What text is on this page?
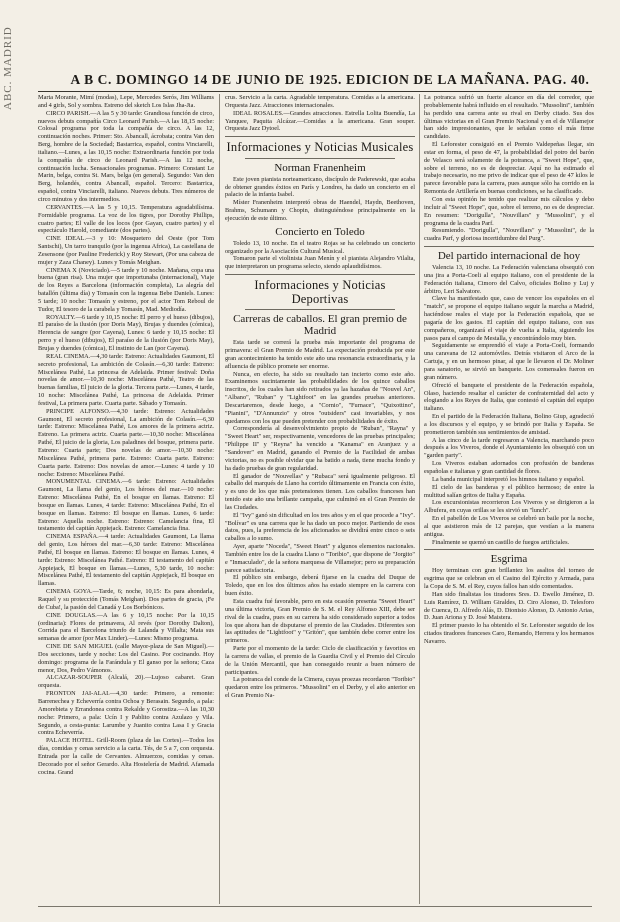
ABC. MADRID	A B C. DOMINGO 14 DE JUNIO DE 1925. EDICION DE LA MAÑANA. PAG. 40.

Marta Morante, Mimí (modas), Lepe, Mercedes Serós, Jim Williams and 4 girls, Sol y sombra. Estreno del sketch Los Islas Jha-Jia.

CIRCO PARISH.—A las 5 y 30 tarde: Grandiosa función de circo, nuevos debuts compañía Circo Leonard Parish.—A las 18,15 noche: Colosal programa por toda la compañía de circo. A las 12, continuación noches. Primer: Sto. Abancall, ácrobata; contra Van den Berg, hombre de la Sociedad; Bastarrica, español, contra Vinciarelli, italiano.—Lunes, a las 10,15 noche: Extraordinaria función por toda la compañía de circo de Leonard Parish.—A las 12 noche, continuación lucha. Sensacionales programas. Primero: Constant Le Marin, belga, contra St. Mars, belga (en general). Segundo: Van den Berg, holandés, contra Abancall, español. Tercero: Bastarrica, español, contra Vinciarelli, italiano. Nuevos debuts. Tres números de circo minutos y dos intermedios.

CERVANTES.—A las 5 y 10,15. Temperatura agradabilísima. Formidable programa. La voz de los tigres, por Dorothy Phillips, cuatro partes; El valle de los locos (por Gayan, cuatro partes) y el espectáculo Harold, comediante (dos partes).

CINE IDEAL.—3 y 10: Mosquetero del Oeste (por Tom Santschi), Un tarro tranquilo (por la ingenua Africa), La castellana de Zesensone (por Pauline Frederick) y Roy Stewart, (Por una cabeza de mujer y Zaza Chaney). Lunes y Tomás Meighan.

CINEMA X (Noviciado).—5 tarde y 10 noche. Mañana, copa una buena (gran risa). Una mujer que importunaba (internacional), Viaje de los Reyes a Barcelona (información completa), La alegría del batallón (última día) y Tomasín con la ingenua Bebe Daniels. Lunes: 5 tarde; 10 noche: Tomasín y estreno, por el actor Tom Reboul de Tudor, El tesoro de la carabela y Tomasín, Mad. Mediodía.

ROYALTY.—6 tarde y 10,15 noche: El perro y el hueso (dibujos), El paraíso de la ilusión (por Doris May), Brujas y duendes (cómica), Herencia de sangre (por Cayena), Lunes: 6 tarde y 10,15 noche: El perro y el hueso (dibujos), El paraíso de la ilusión (por Doris May), Brujas y duendes (cómica), El instinto de Lan (por Cayena).

REAL CINEMA.—4,30 tarde: Estreno: Actualidades Gaumont, El secreto profesional, La ambición de Colasín.—6,30 tarde: Estreno: Miscelánea Pathé, La princesa de Adelaida. Primer festival: Doña novelas de amor.—10,30 noche: Miscelánea Pathé, Teatro de las buenas familias, El juicio de la gloria. Tercera parte.—Lunes, 4 tarde, 10 noche: Miscelánea Pathé, La princesa de Adelaida. Primer festival, La primera parte. Cuarta parte. Sábado y Tomasín.

PRINCIPE ALFONSO.—4,30 tarde: Estreno: Actualidades Gaumont, El secreto profesional, La ambición de Colasín.—6,30 tarde: Estreno: Miscelánea Pathé, Los amores de la primera actriz. Estreno. La primera actriz. Cuarta parte.—10,30 noche: Miscelánea Pathé, El juicio de la gloria, Los paladines del bosque, primera parte. Estreno: Cuarta parte; Dos novelas de amor.—10,30 noche: Miscelánea Pathé, primera parte. Estreno: Cuarta parte. Estreno: Cuarta parte. Estreno: Dos novelas de amor.—Lunes: 4 tarde y 10 noche: Estreno: Miscelánea Pathé.

MONUMENTAL CINEMA.—6 tarde: Estreno: Actualidades Gaumont, La llama del genio, Los héroes del mar.—10 noche: Estreno: Miscelánea Pathé, En el bosque en llamas. Estreno: El bosque en llamas. Lunes, 4 tarde: Estreno: Miscelánea Pathé, En el bosque en llamas. Estreno: El bosque en llamas. Lunes, 6 tarde: Estreno: Aquella noche. Estreno: Estreno: Camelancia fina, El testamento del capitán Appiejack. Estreno: Camelancia fina.

CINEMA ESPAÑA.—4 tarde: Actualidades Gaumont, La llama del genio, Los héroes del mar.—6,30 tarde: Estreno: Miscelánea Pathé, El bosque en llamas. Estreno: El bosque en llamas. Lunes, 4 tarde: Estreno: Miscelánea Pathé. Estreno: El testamento del capitán Appiejack, El bosque en llamas.—Lunes, 5,30 tarde, 10 noche: Miscelánea Pathé, El testamento del capitán Appiejack, El bosque en llamas.

CINEMA GOYA.—Tarde, 6; noche, 10,15: Es para ahondarla, Raquel y su protección (Tomás Meighan). Dos partes de gracia, ¡Fe de Cuba!, la pasión del Canadá y Los Borbónicos.

CINE DOUGLAS.—A las 6 y 10,15 noche: Por la 10,15 (ordinaria): Flores de primavera, Al revés (por Dorothy Dalton), Corrida para el Barcelona triunfo de Lalanda y Villalta; Mata sus semanas de amor (por Max Linder).—Lunes: Mismo programa.

CINE DE SAN MIGUEL (calle Mayor-plaza de San Miguel).—Dos secciones, tarde y noche: Los del Casino. Por cocinando. Hoy domingo: programa de la Farándula y El ganso por la señora; Caza menor, Dos, Pedro Vámonos.

ALCAZAR-SOUPER (Alcalá, 20).—Lujoso cabaret. Gran orquesta.

FRONTON JAI-ALAI.—4,30 tarde: Primero, a remonte: Barrenechea y Echeverría contra Ochoa y Berasain. Segundo, a pala: Amorebieta y Errandonea contra Rekalde y Gorostiza.—A las 10,30 noche: Primero, a pala: Ucín I y Pablito contra Azulazo y Vila. Segundo, a cesta-punta: Larumbe y Juanito contra Lasa I y Gracia contra Echeverría.

PALACE HOTEL. Grill-Room (plaza de las Cortes).—Todos los días, comidas y cenas servicio a la carta. Tés, de 5 a 7, con orquesta. Entrada por la calle de Cervantes. Almuerzos, comidas y cenas. Decorado por el señor Gerardo. Alta Hostelería de Madrid. Afamada cocina. Grand

crus. Servicio a la carta. Agradable temperatura. Comidas a la americana. Orquesta Jazz. Atracciones internacionales.

IDEAL ROSALES.—Grandes atracciones. Estrella Lolita Buendía, La Yanquee, Paquita Alcázar.—Comidas a la americana. Gran souper. Orquesta Jazz Dytoel.

Informaciones y Noticias Musicales
Norman Franenheim

Este joven pianista norteamericano, discípulo de Paderewski, que acaba de obtener grandes éxitos en París y Londres, ha dado un concierto en el palacio de la infanta Isabel.

Míster Franenheim interpretó obras de Haendel, Haydn, Beethoven, Brahms, Schumann y Chopin, distinguiéndose principalmente en la ejecución de este último.

Concierto en Toledo

Toledo 13, 10 noche. En el teatro Rojas se ha celebrado un concierto organizado por la Asociación Cultural Musical.

Tomaron parte el violinista Juan Menín y el pianista Alejandro Vilalta, que interpretaron un programa selecto, siendo aplaudidísimos.

Informaciones y Noticias Deportivas
Carreras de caballos. El gran premio de Madrid

Esta tarde se correrá la prueba más importante del programa de primavera: el Gran Premio de Madrid. La expectación producida por este gran acontecimiento ha tenido este año una resonancia extraordinaria, y la afluencia de público promete ser enorme.

Nunca, en efecto, ha sido su resultado tan incierto como este año. Examinemos sucintamente las probabilidades de los quince caballos inscritos, de los cuales han sido retirados ya las hazañas de "Nouvel An", "Albano", "Ruban" y "Lightfoot" en las grandes pruebas anteriores. Descartaremos, desde luego, a "Cornio", "Furnace", "Quixottino", "Pianini", "D'Annunzio" y otros "outsiders" casi invariables, y nos quedamos con los que pueden pretender con probabilidades de éxito.

Correspondería al desenvolvimiento propio de "Ruban", "Rayna" y "Sweet Heart" ser, respectivamente, vencedores de las pruebas principales; "Philippe II" y "Reyna" ha vencido a "Kanama" en Aranjuez y a "Sandover" en Madrid, ganando el Premio de la Facilidad de ambas victorias, no es posible olvidar que ha batido a nada, tiene mucha fondo y ha dado pruebas de gran regularidad.

El ganador de "Nouvellas" y "Rubaca" será igualmente peligroso. El caballo del marqués de Llano ha corrido últimamente en Francia con éxito, y es uno de los que más pretensiones tienen. Los caballos franceses han tenido este año una brillante campaña, que culminó en el Gran Premio de las Ciudades.

El "Ivy" ganó sin dificultad en los tres años y en el que procede a "Ivy". "Bolívar" es una carrera que le ha dado un poco mejor. Partiendo de esos datos, pues, la preferencia de los aficionados se dividirá entre cinco o seis caballos a lo sumo.

Ayer, aparte "Noceda", "Sweet Heart" y algunos elementos nacionales. También entre los de la cuadra Llano o "Toribio", que dispone de "Jorgito" e "Inmaculado", de la señora marquesa de Villamejor; pero su preparación parece satisfactoria.

El público sin embargo, deberá fijarse en la cuadra del Duque de Toledo, que en los dos últimos años ha estado siempre en la carrera con buen éxito.

Esta cuadra fué favorable, pero en esta ocasión presenta "Sweet Heart" una última victoria, Gran Premio de S. M. el Rey Alfonso XIII, debe ser rival de la cuadra, pues en su carrera ha sido considerado superior a todos los que ahora han de disputarse el premio de las Ciudades. Diferentes son las aptitudes de "Lightfoot" y "Gritón", que también debe correr entre los primeros.

Parte por el momento de la tarde: Ciclo de clasificación y favoritos en la carrera de vallas, el premio de la Guardia Civil y el Premio del Círculo de la Unión Mercantil, que han conseguido reunir a buen número de participantes.

La potranca del conde de la Cimera, cuyas proezas recordaron "Toribio" quedaron entre los primeros. "Mussolini" en el Derby, y el año anterior en el Gran Premio Na-

La potranca sufrió un fuerte alcance en día del corredor, que probablemente habrá influido en el resultado. "Mussolini", también ha perdido una carrera ante su rival en Derby citado. Sus dos últimas victorias en el Gran Premio Nacional y en el de Villamejor han sido impresionantes, que le señalan como el más firme candidato.

El Leforester consiguió en el Premio Valdepeñas llegar, sin estar en forma, el peso de 47, la probabilidad del potro del barón de Velasco será solamente de la potranca, a "Sweet Hope", que, sobre el terreno, no es de despreciar. Aquí no ha estimado el trabajo necesario, no me privo de indicar que el peso de 47 kilos le parece favorable para la carrera, pues aunque sólo ha corrido en la Remonta de Artillería en buenas condiciones, se ha clasificado.

Con esta opinión he tenido que realizar mis cálculos y debo incluir al "Sweet Hope", que, sobre el terreno, no es de despreciar. En resumen: "Dorigulla", "Nouvillars" y "Mussolini", y el programa de la cuadra Parf.

Resumiendo. "Dorigulla", "Nouvillars" y "Mussolini", de la cuadra Parf, y gloriosa incertidumbre del Purg".

Del partido internacional de hoy

Valencia 13, 10 noche. La Federación valenciana obsequió con una jira a Porta-Coeli al equipo italiano, con el presidente de la Federación italiana, Cimoro del Calvo, oficiales Bolino y Luj y árbitro, Leri Salvatore.

Clave ha manifestado que, caso de vencer los españoles en el "match", se propone el equipo italiano seguir la marcha a Madrid, haciéndose reales el viaje por la Federación española, que se pagaría de los gastos. El capitán del equipo italiano, con sus compañeros, organizará el viaje de vuelta a Italia, siguiendo los pasos para el campo de Mestalla, y encontrándolo muy bien.

Seguidamente se emprendió el viaje a Porta-Coeli, formando una caravana de 12 automóviles. Detrás visitaron el Arco de la Cartuja, y en un hermoso pinar, al que le llevaron el Dr. Moliner para sanatorio, se sirvió un banquete. Los comensales fueron en gran número.

Ofreció el banquete el presidente de la Federación española, Olaso, haciendo resaltar el carácter de confraternidad del acto y elogiando a los Reyes de Italia, que contestó el capitán del equipo italiano.

En el partido de la Federación Italiana, Bolino Giup, agradeció a los discursos y el equipo, y se brindó por Italia y España. Se prometieron también sus sentimientos de amistad.

A las cinco de la tarde regresaron a Valencia, marchando poco después a los Viveros, donde el Ayuntamiento les obsequió con un "garden party".

Los Viveros estaban adornados con profusión de banderas españolas e italianas y gran cantidad de flores.

La banda municipal interpretó los himnos italiano y español.

El cielo de las banderas y el público hermoso; de entre la multitud salían gritos de Italia y España.

Los excursionistas recorrieron Los Viveros y se dirigieron a la Albufera, en cuyas orillas se les sirvió un "lunch".

En el pabellón de Los Viveros se celebró un baile por la noche, al que asistieron más de 12 parejas, que vestían a la manera antigua.

Finalmente se quemó un castillo de fuegos artificiales.

Esgrima

Hoy terminan con gran brillantez los asaltos del torneo de esgrima que se celebran en el Casino del Ejército y Armada, para la Copa de S. M. el Rey, cuyos fallos han sido comentados.

Han sido finalistas los tiradores Sres. D. Ewello Jiménez, D. Luis Ramírez, D. William Giraldes, D. Ciro Alonso, D. Telesforo de Cuenca, D. Alfredo Alás, D. Dionisio Alonso, D. Antonio Arias, D. Juan Ariona y D. José Maistera.

El primer puesto lo ha obtenido el Sr. Leforester seguido de los citados tiradores franceses Caro, Remando, Herrera y los hermanos Navarro.
